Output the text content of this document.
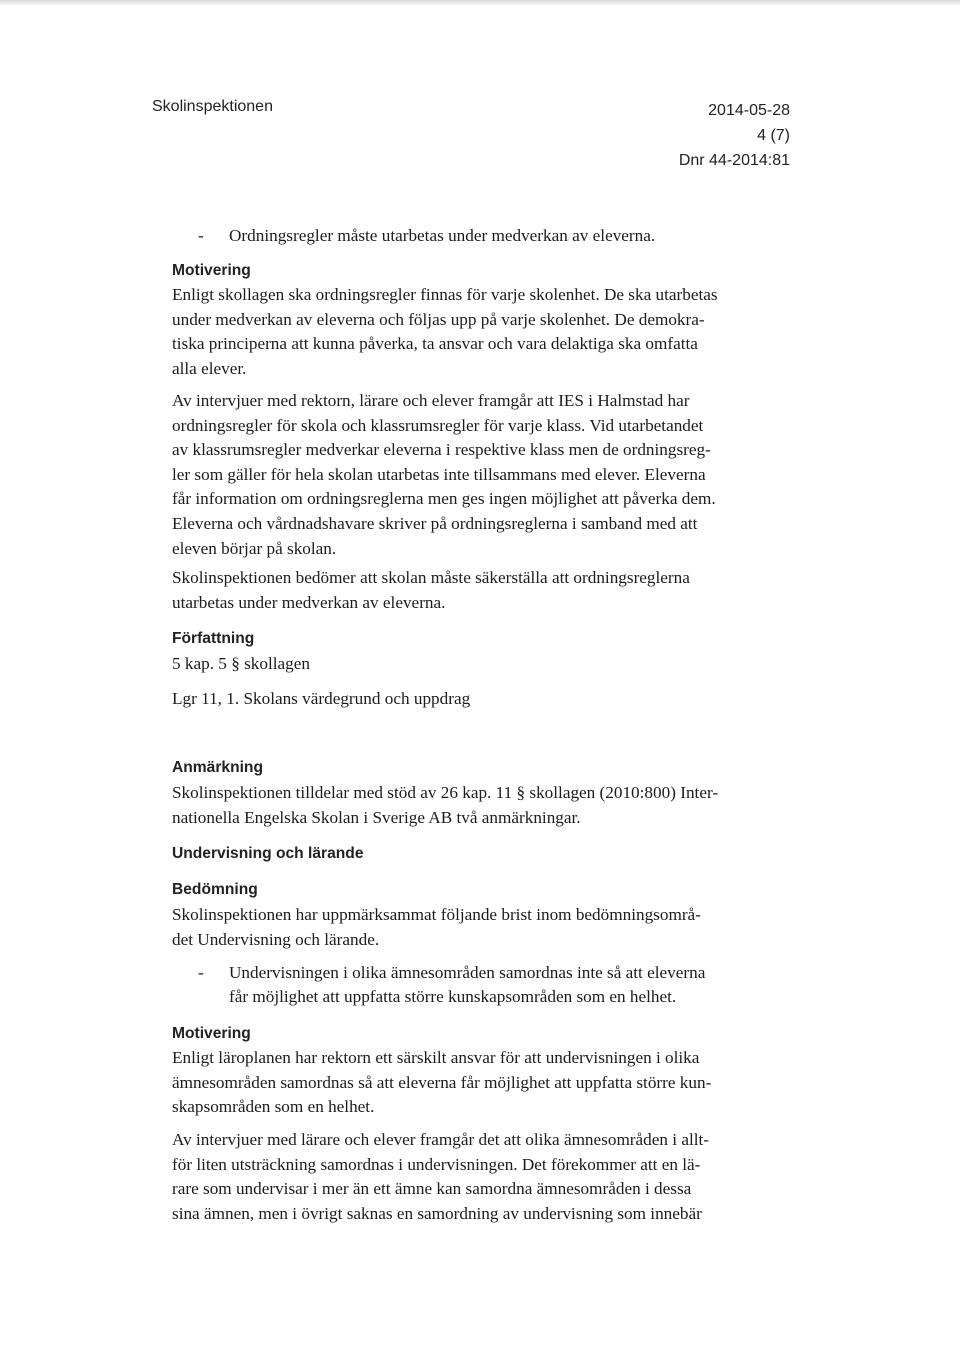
Skolinspektionen	2014-05-28
4 (7)
Dnr 44-2014:81
- Ordningsregler måste utarbetas under medverkan av eleverna.
Motivering
Enligt skollagen ska ordningsregler finnas för varje skolenhet. De ska utarbetas
under medverkan av eleverna och följas upp på varje skolenhet. De demokra-
tiska principerna att kunna påverka, ta ansvar och vara delaktiga ska omfatta
alla elever.
Av intervjuer med rektorn, lärare och elever framgår att IES i Halmstad har
ordningsregler för skola och klassrumsregler för varje klass. Vid utarbetandet
av klassrumsregler medverkar eleverna i respektive klass men de ordningsreg-
ler som gäller för hela skolan utarbetas inte tillsammans med elever. Eleverna
får information om ordningsreglerna men ges ingen möjlighet att påverka dem.
Eleverna och vårdnadshavare skriver på ordningsreglerna i samband med att
eleven börjar på skolan.
Skolinspektionen bedömer att skolan måste säkerställa att ordningsreglerna
utarbetas under medverkan av eleverna.
Författning
5 kap. 5 § skollagen
Lgr 11, 1. Skolans värdegrund och uppdrag
Anmärkning
Skolinspektionen tilldelar med stöd av 26 kap. 11 § skollagen (2010:800) Inter-
nationella Engelska Skolan i Sverige AB två anmärkningar.
Undervisning och lärande
Bedömning
Skolinspektionen har uppmärksammat följande brist inom bedömningsområ-
det Undervisning och lärande.
- Undervisningen i olika ämnesområden samordnas inte så att eleverna
får möjlighet att uppfatta större kunskapsområden som en helhet.
Motivering
Enligt läroplanen har rektorn ett särskilt ansvar för att undervisningen i olika
ämnesområden samordnas så att eleverna får möjlighet att uppfatta större kun-
skapsområden som en helhet.
Av intervjuer med lärare och elever framgår det att olika ämnesområden i allt-
för liten utsträckning samordnas i undervisningen. Det förekommer att en lä-
rare som undervisar i mer än ett ämne kan samordna ämnesområden i dessa
sina ämnen, men i övrigt saknas en samordning av undervisning som innebär
